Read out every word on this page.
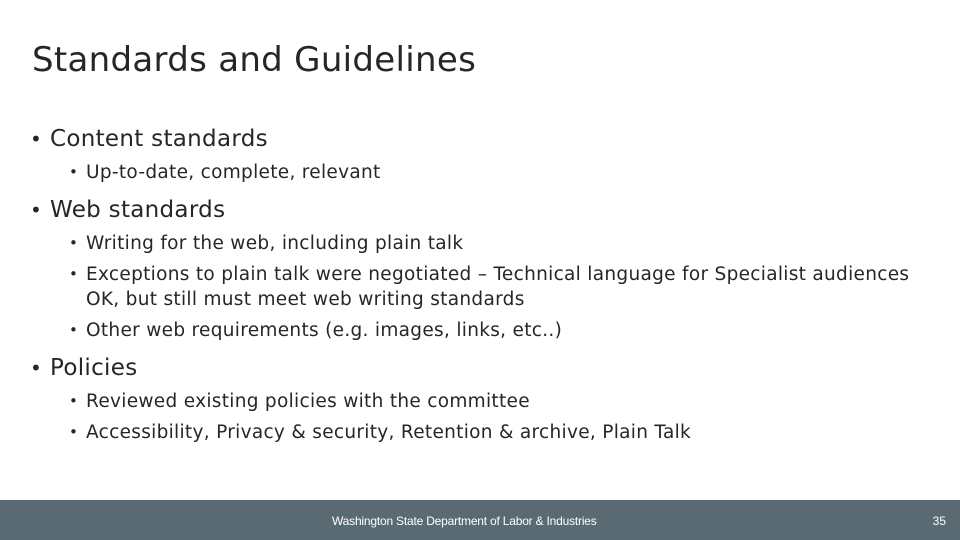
Standards and Guidelines
• Content standards
• Up-to-date, complete, relevant
• Web standards
• Writing for the web, including plain talk
• Exceptions to plain talk were negotiated – Technical language for Specialist audiences OK, but still must meet web writing standards
• Other web requirements (e.g. images, links, etc..)
• Policies
• Reviewed existing policies with the committee
• Accessibility, Privacy & security, Retention & archive, Plain Talk
Washington State Department of Labor & Industries	35
